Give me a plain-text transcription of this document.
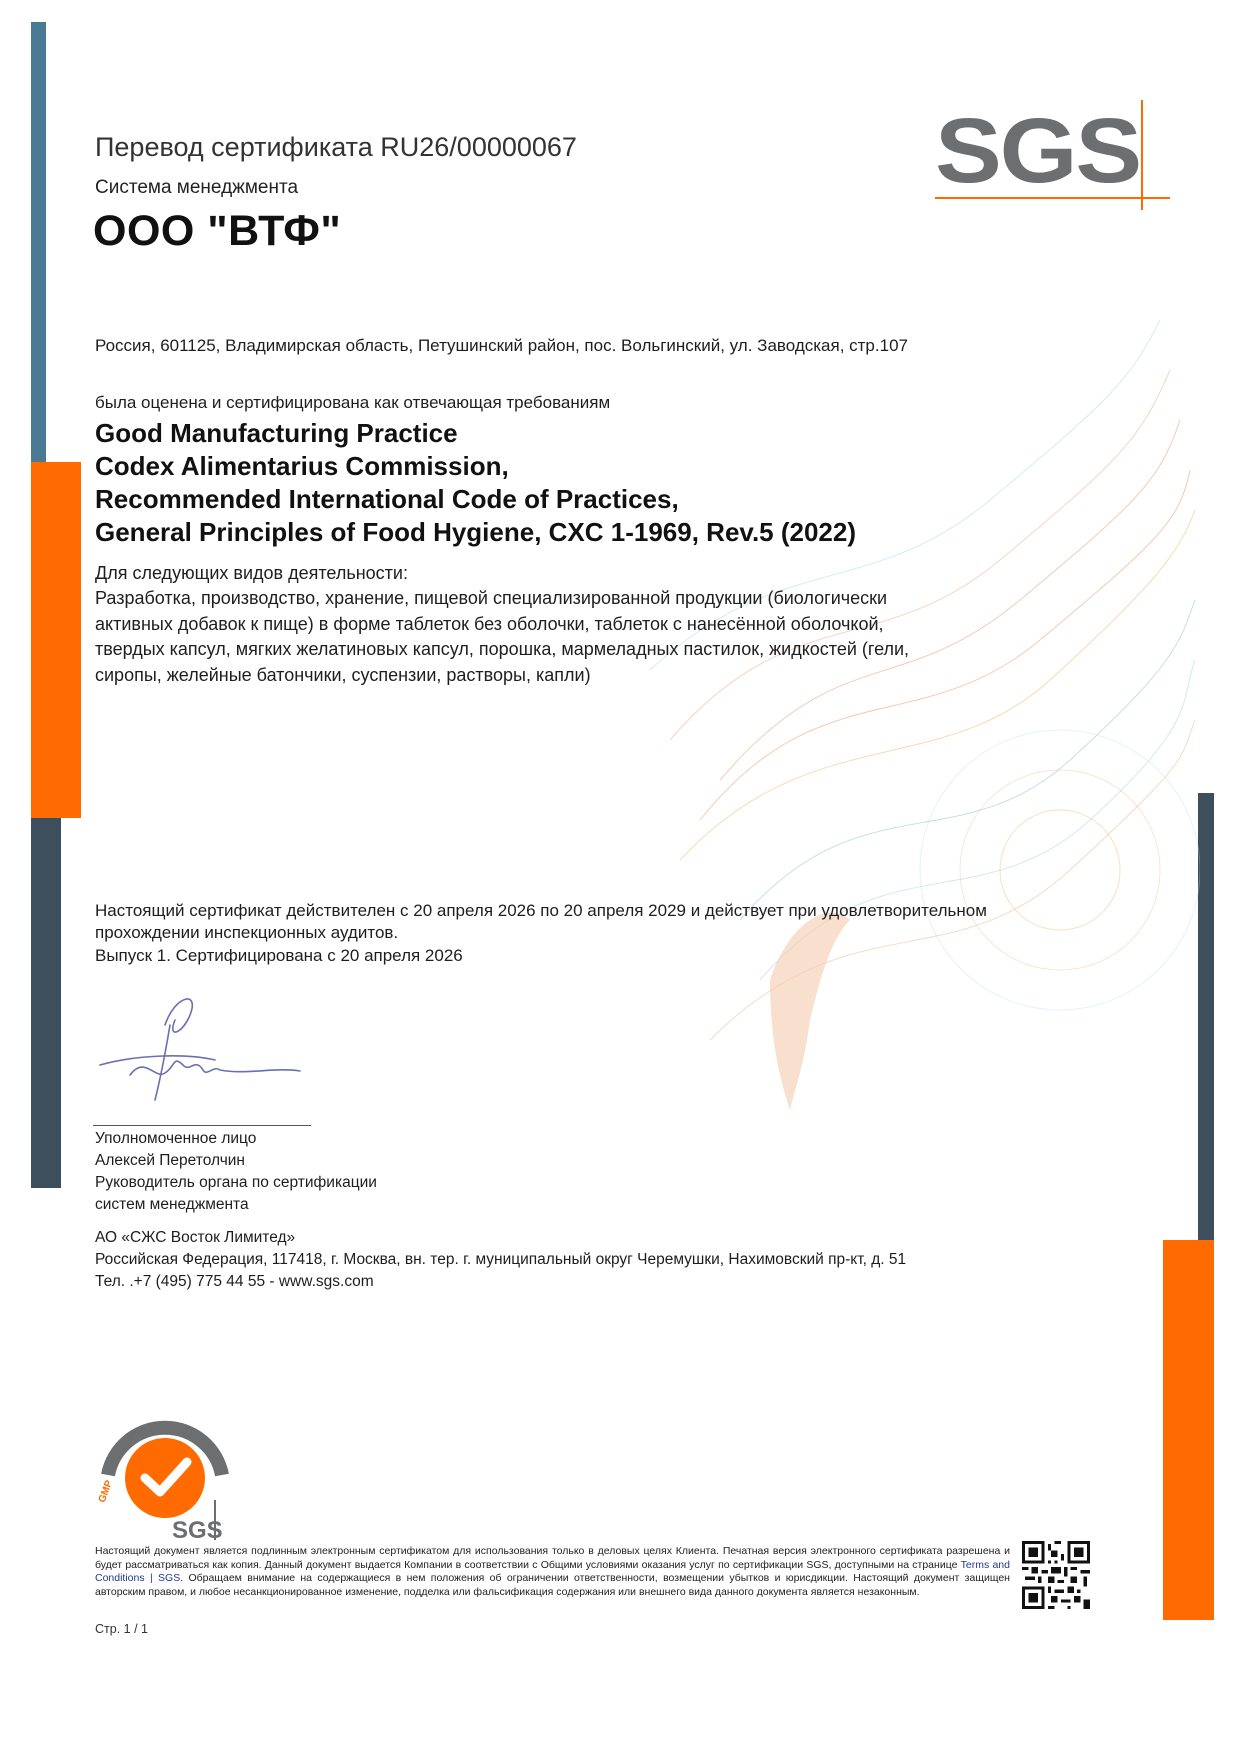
SGS

Перевод сертификата RU26/00000067

Система менеджмента

ООО "ВТФ"

Россия, 601125, Владимирская область, Петушинский район, пос. Вольгинский, ул. Заводская, стр.107

была оценена и сертифицирована как отвечающая требованиям

Good Manufacturing Practice
Codex Alimentarius Commission,
Recommended International Code of Practices,
General Principles of Food Hygiene, CXC 1-1969, Rev.5 (2022)

Для следующих видов деятельности:

Разработка, производство, хранение, пищевой специализированной продукции (биологически
активных добавок к пище) в форме таблеток без оболочки, таблеток с нанесённой оболочкой,
твердых капсул, мягких желатиновых капсул, порошка, мармеладных пастилок, жидкостей (гели,
сиропы, желейные батончики, суспензии, растворы, капли)
Настоящий сертификат действителен с 20 апреля 2026 по 20 апреля 2029 и действует при удовлетворительном
прохождении инспекционных аудитов.

Выпуск 1. Сертифицирована с 20 апреля 2026

Уполномоченное лицо
Алексей Перетолчин
Руководитель органа по сертификации
систем менеджмента
АО «СЖС Восток Лимитед»
Российская Федерация, 117418, г. Москва, вн. тер. г. муниципальный округ Черемушки, Нахимовский пр-кт, д. 51
Тел. .+7 (495) 775 44 55 - www.sgs.com
SYSTEM CERTIFICATION
GMP
SGS

Настоящий документ является подлинным электронным сертификатом для использования только в деловых целях Клиента. Печатная версия электронного сертификата разрешена и будет рассматриваться как копия. Данный документ выдается Компании в соответствии с Общими условиями оказания услуг по сертификации SGS, доступными на странице Terms and Conditions | SGS. Обращаем внимание на содержащиеся в нем положения об ограничении ответственности, возмещении убытков и юрисдикции. Настоящий документ защищен авторским правом, и любое несанкционированное изменение, подделка или фальсификация содержания или внешнего вида данного документа является незаконным.

Стр. 1 / 1
